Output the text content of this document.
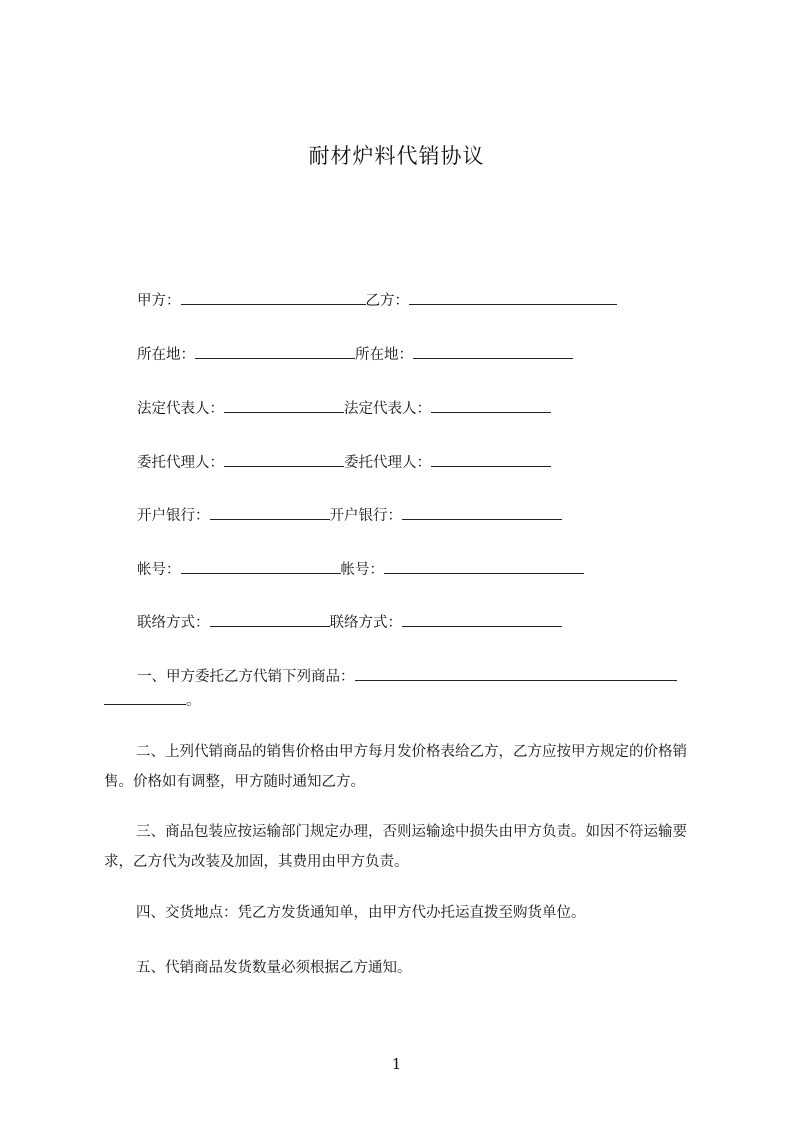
耐材炉料代销协议
甲方：	乙方：
所在地：	所在地：
法定代表人：	法定代表人：
委托代理人：	委托代理人：
开户银行：	开户银行：
帐号：	帐号：
联络方式：	联络方式：
一、甲方委托乙方代销下列商品：
。
二、上列代销商品的销售价格由甲方每月发价格表给乙方，乙方应按甲方规定的价格销售。价格如有调整，甲方随时通知乙方。
三、商品包装应按运输部门规定办理，否则运输途中损失由甲方负责。如因不符运输要求，乙方代为改装及加固，其费用由甲方负责。
四、交货地点：凭乙方发货通知单，由甲方代办托运直拨至购货单位。
五、代销商品发货数量必须根据乙方通知。
1
